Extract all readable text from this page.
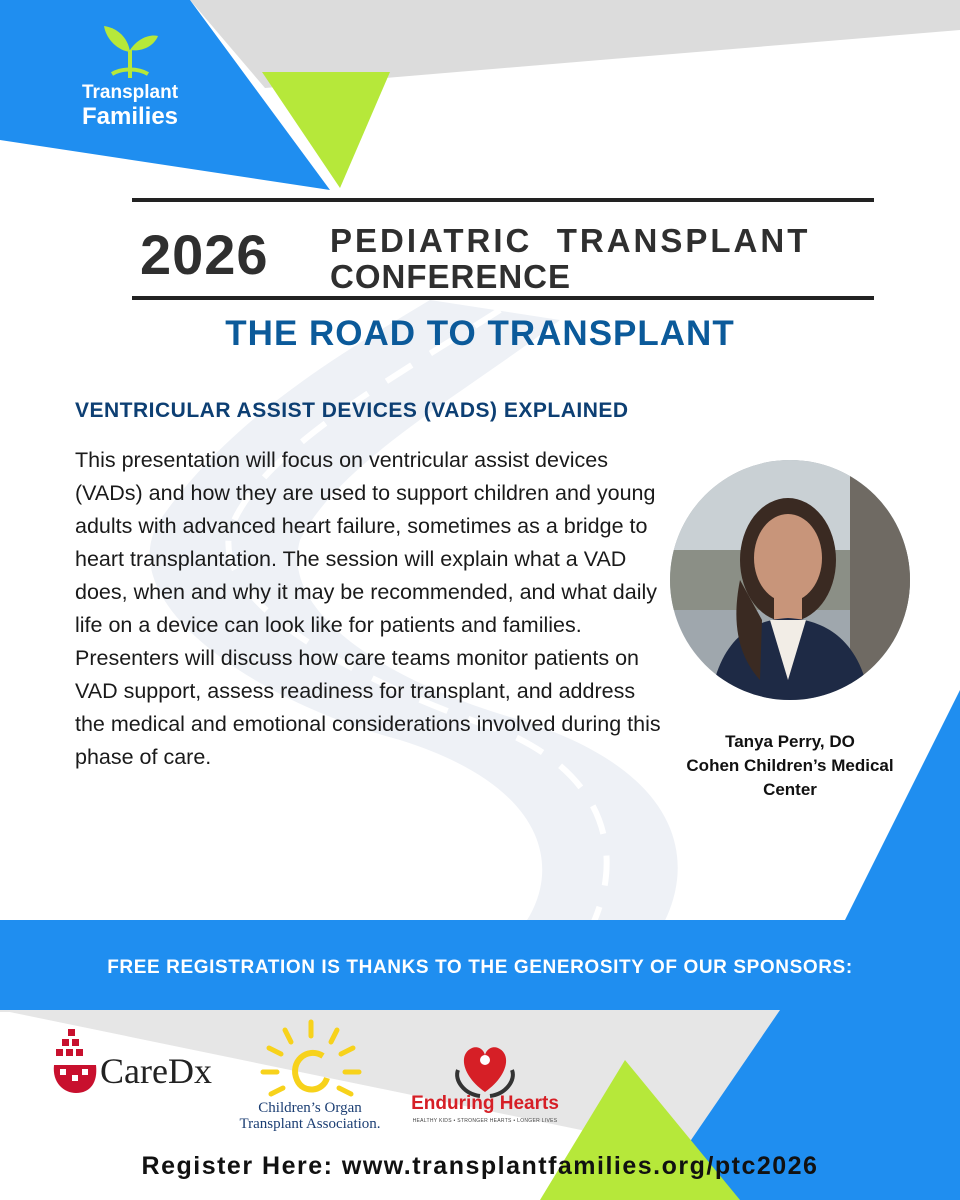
Transplant
Families
2026 PEDIATRIC  TRANSPLANT
CONFERENCE
THE ROAD TO TRANSPLANT
VENTRICULAR ASSIST DEVICES (VADS) EXPLAINED
This presentation will focus on ventricular assist devices (VADs) and how they are used to support children and young adults with advanced heart failure, sometimes as a bridge to heart transplantation. The session will explain what a VAD does, when and why it may be recommended, and what daily life on a device can look like for patients and families. Presenters will discuss how care teams monitor patients on VAD support, assess readiness for transplant, and address the medical and emotional considerations involved during this phase of care.
Tanya Perry, DO
Cohen Children’s Medical
Center
FREE REGISTRATION IS THANKS TO THE GENEROSITY OF OUR SPONSORS:
CareDx
Children’s Organ
Transplant Association.
Enduring Hearts
HEALTHY KIDS • STRONGER HEARTS • LONGER LIVES
Register Here: www.transplantfamilies.org/ptc2026
